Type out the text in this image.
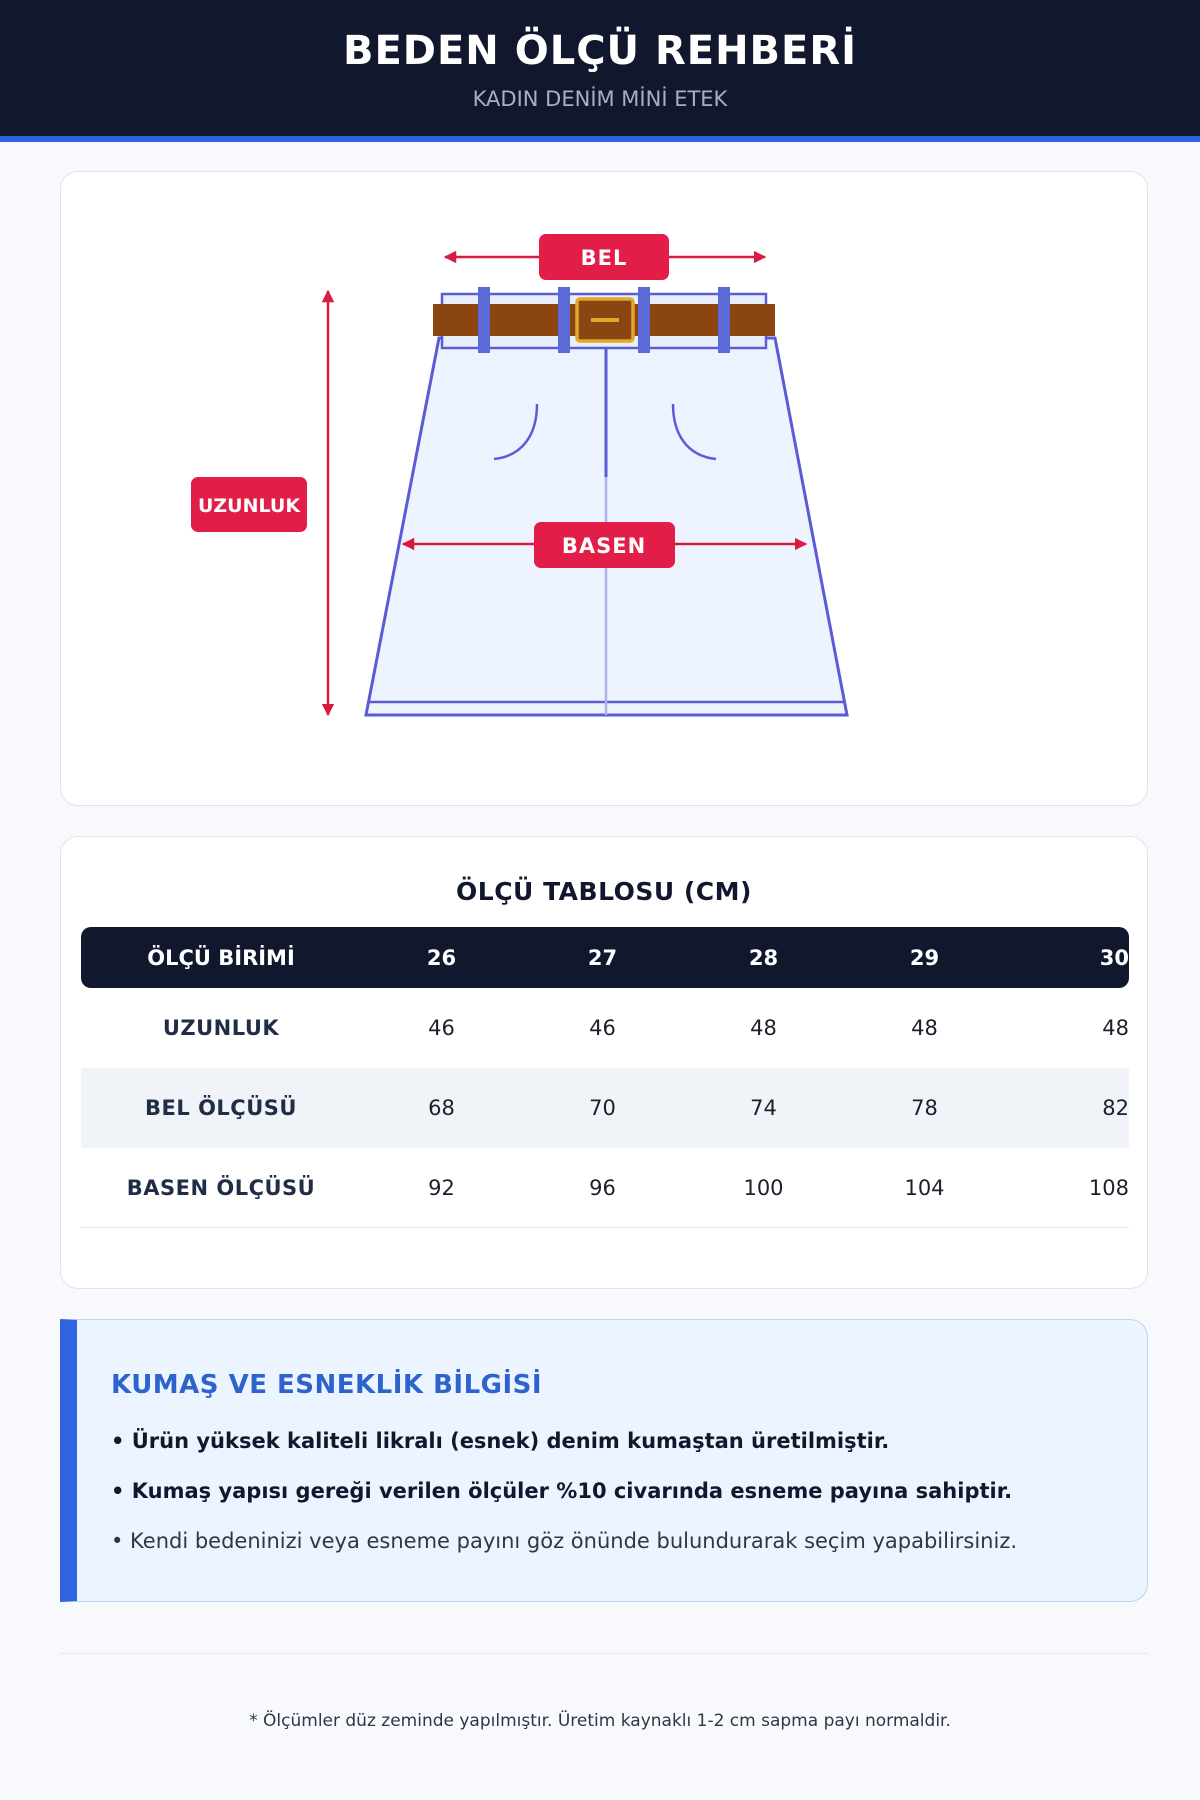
BEDEN ÖLÇÜ REHBERİ
KADIN DENİM MİNİ ETEK
BEL
UZUNLUK
BASEN
ÖLÇÜ TABLOSU (CM)
ÖLÇÜ BİRİMİ	26	27	28	29	30
UZUNLUK	46	46	48	48	48
BEL ÖLÇÜSÜ	68	70	74	78	82
BASEN ÖLÇÜSÜ	92	96	100	104	108
KUMAŞ VE ESNEKLİK BİLGİSİ
• Ürün yüksek kaliteli likralı (esnek) denim kumaştan üretilmiştir.
• Kumaş yapısı gereği verilen ölçüler %10 civarında esneme payına sahiptir.
• Kendi bedeninizi veya esneme payını göz önünde bulundurarak seçim yapabilirsiniz.
* Ölçümler düz zeminde yapılmıştır. Üretim kaynaklı 1-2 cm sapma payı normaldir.
